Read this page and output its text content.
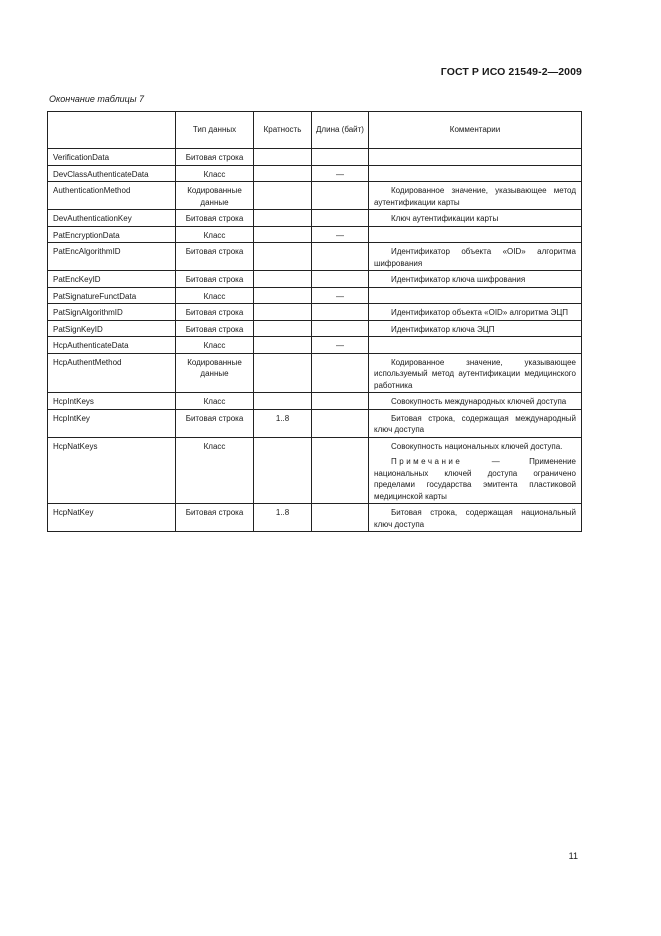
ГОСТ Р ИСО 21549-2—2009
Окончание таблицы 7
	Тип данных	Кратность	Длина (байт)	Комментарии
VerificationData	Битовая строка			

DevClassAuthenticateData	Класс		—	

AuthenticationMethod	Кодированные данные			Кодированное значение, указывающее метод аутентификации карты

DevAuthenticationKey	Битовая строка			Ключ аутентификации карты

PatEncryptionData	Класс		—	

PatEncAlgorithmID	Битовая строка			Идентификатор объекта «OID» алгоритма шифрования

PatEncKeyID	Битовая строка			Идентификатор ключа шифрования

PatSignatureFunctData	Класс		—	

PatSignAlgorithmID	Битовая строка			Идентификатор объекта «OID» алгоритма ЭЦП

PatSignKeyID	Битовая строка			Идентификатор ключа ЭЦП

HcpAuthenticateData	Класс		—	

HcpAuthentMethod	Кодированные данные			Кодированное значение, указывающее используемый метод аутентификации медицинского работника

HcpIntKeys	Класс			Совокупность международных ключей доступа

HcpIntKey	Битовая строка	1..8		Битовая строка, содержащая международный ключ доступа

HcpNatKeys	Класс			Совокупность национальных ключей доступа.
Примечание — Применение национальных ключей доступа ограничено пределами государства эмитента пластиковой медицинской карты

HcpNatKey	Битовая строка	1..8		Битовая строка, содержащая национальный ключ доступа
11
